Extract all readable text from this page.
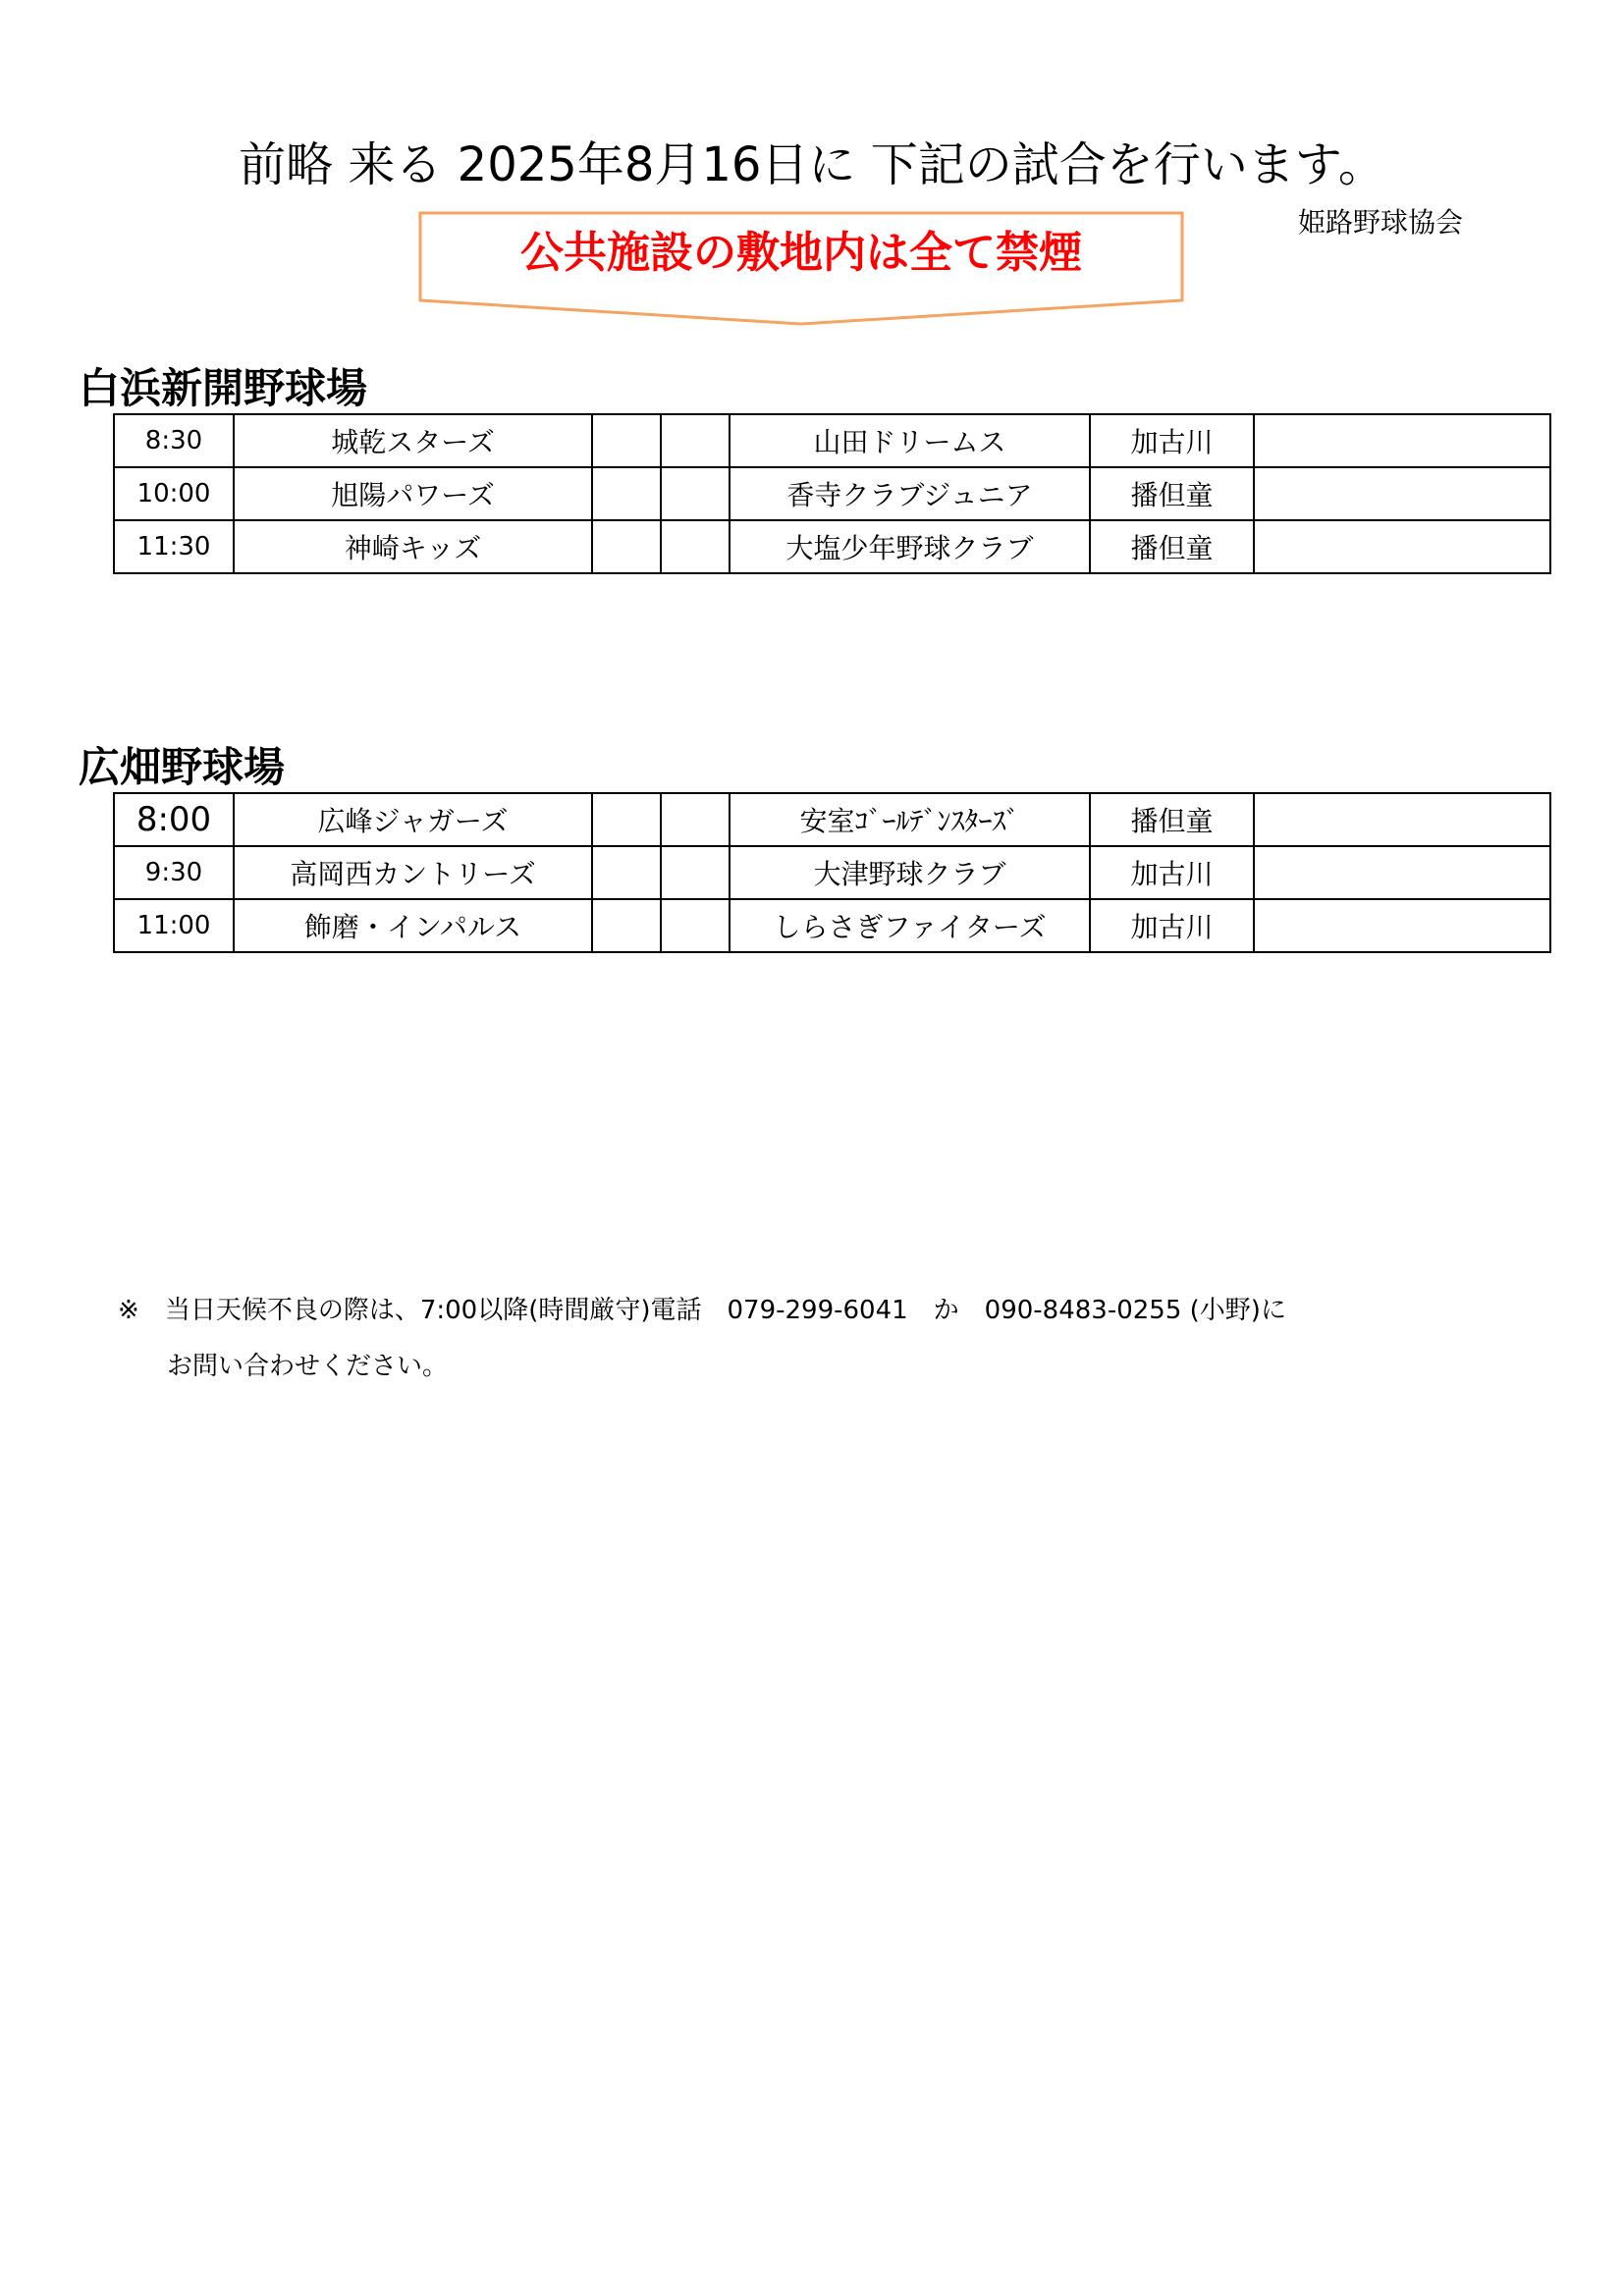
前略 来る 2025年8月16日に 下記の試合を行います。
姫路野球協会
公共施設の敷地内は全て禁煙
白浜新開野球場
8:30	城乾スターズ			山田ドリームス	加古川	
10:00	旭陽パワーズ			香寺クラブジュニア	播但童	
11:30	神崎キッズ			大塩少年野球クラブ	播但童	
広畑野球場
8:00	広峰ジャガーズ			安室ｺﾞｰﾙﾃﾞﾝｽﾀｰｽﾞ	播但童	
9:30	高岡西カントリーズ			大津野球クラブ	加古川	
11:00	飾磨・インパルス			しらさぎファイターズ	加古川	
※　 当日天候不良の際は、7:00以降(時間厳守)電話　079-299-6041　か　090-8483-0255 (小野)に
お問い合わせください。
